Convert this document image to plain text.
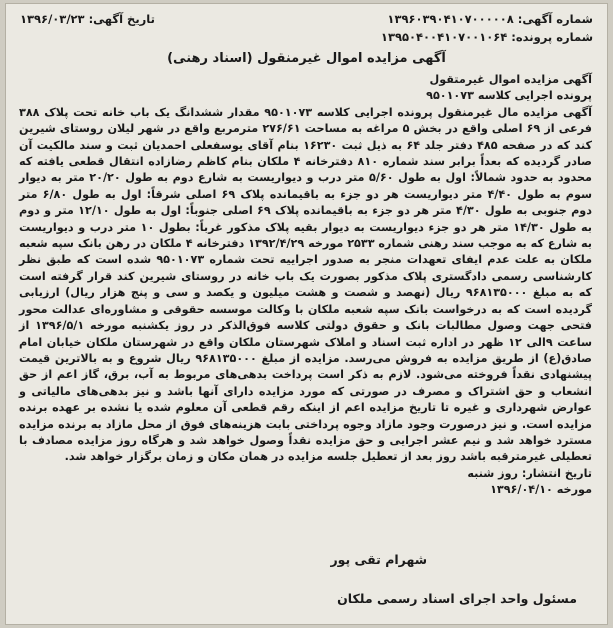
شماره آگهی: ۱۳۹۶۰۳۹۰۴۱۰۷۰۰۰۰۰۸
تاریخ آگهی: ۱۳۹۶/۰۳/۲۳
شماره پرونده: ۱۳۹۵۰۴۰۰۴۱۰۷۰۰۱۰۶۴
آگهی مزایده اموال غیرمنقول (اسناد رهنی)

آگهی مزایده اموال غیرمتقول

پرونده اجرایی کلاسه ۹۵۰۱۰۷۳

آگهی مزایده مال غیرمنقول پرونده اجرایی کلاسه ۹۵۰۱۰۷۳ مقدار ششدانگ یک باب خانه تحت پلاک ۳۸۸ فرعی از ۶۹ اصلی واقع در بخش ۵ مراغه به مساحت ۲۷۶/۶۱ مترمربع واقع در شهر لیلان روستای شیرین کند که در صفحه ۴۸۵ دفتر جلد ۶۴ به ذیل ثبت ۱۶۲۳۰ بنام آقای یوسفعلی احمدیان ثبت و سند مالکیت آن صادر گردیده که بعداً برابر سند شماره ۸۱۰ دفترخانه ۴ ملکان بنام کاظم رضازاده انتقال قطعی یافته که محدود به حدود شمالاً: اول به طول ۵/۶۰ متر درب و دیواریست به شارع دوم به طول ۲۰/۲۰ متر به دیوار سوم به طول ۴/۴۰ متر دیواریست هر دو جزء به باقیمانده پلاک ۶۹ اصلی شرقاً: اول به طول ۶/۸۰ متر دوم جنوبی به طول ۴/۳۰ متر هر دو جزء به باقیمانده پلاک ۶۹ اصلی جنوباً: اول به طول ۱۲/۱۰ متر و دوم به طول ۱۴/۳۰ متر هر دو جزء دیواریست به دیوار بقیه پلاک مذکور غرباً: بطول ۱۰ متر درب و دیواریست به شارع که به موجب سند رهنی شماره ۲۵۳۳ مورخه ۱۳۹۲/۴/۲۹ دفترخانه ۴ ملکان در رهن بانک سپه شعبه ملکان به علت عدم ایفای تعهدات منجر به صدور اجراییه تحت شماره ۹۵۰۱۰۷۳ شده است که طبق نظر کارشناسی رسمی دادگستری پلاک مذکور بصورت یک باب خانه در روستای شیرین کند قرار گرفته است که به مبلغ ۹۶۸۱۳۵۰۰۰ ریال (نهصد و شصت و هشت میلیون و یکصد و سی و پنج هزار ریال) ارزیابی گردیده است که به درخواست بانک سپه شعبه ملکان با وکالت موسسه حقوقی و مشاوره‌ای عدالت محور فتحی جهت وصول مطالبات بانک و حقوق دولتی کلاسه فوق‌الذکر در روز یکشنبه مورخه ۱۳۹۶/۵/۱ از ساعت ۹الی ۱۲ ظهر در اداره ثبت اسناد و املاک شهرستان ملکان واقع در شهرستان ملکان خیابان امام صادق(ع) از طریق مزایده به فروش می‌رسد. مزایده از مبلغ ۹۶۸۱۳۵۰۰۰ ریال شروع و به بالاترین قیمت پیشنهادی نقداً فروخته می‌شود. لازم به ذکر است پرداخت بدهی‌های مربوط به آب، برق، گاز اعم از حق انشعاب و حق اشتراک و مصرف در صورتی که مورد مزایده دارای آنها باشد و نیز بدهی‌های مالیاتی و عوارض شهرداری و غیره تا تاریخ مزایده اعم از اینکه رقم قطعی آن معلوم شده یا نشده بر عهده برنده مزایده است. و نیز درصورت وجود مازاد وجوه پرداختی بابت هزینه‌های فوق از محل مازاد به برنده مزایده مسترد خواهد شد و نیم عشر اجرایی و حق مزایده نقداً وصول خواهد شد و هرگاه روز مزایده مصادف با تعطیلی غیرمترقبه باشد روز بعد از تعطیل جلسه مزایده در همان مکان و زمان برگزار خواهد شد.

تاریخ انتشار: روز شنبه

مورخه ۱۳۹۶/۰۴/۱۰

شهرام تقی پور
مسئول واحد اجرای اسناد رسمی ملکان
